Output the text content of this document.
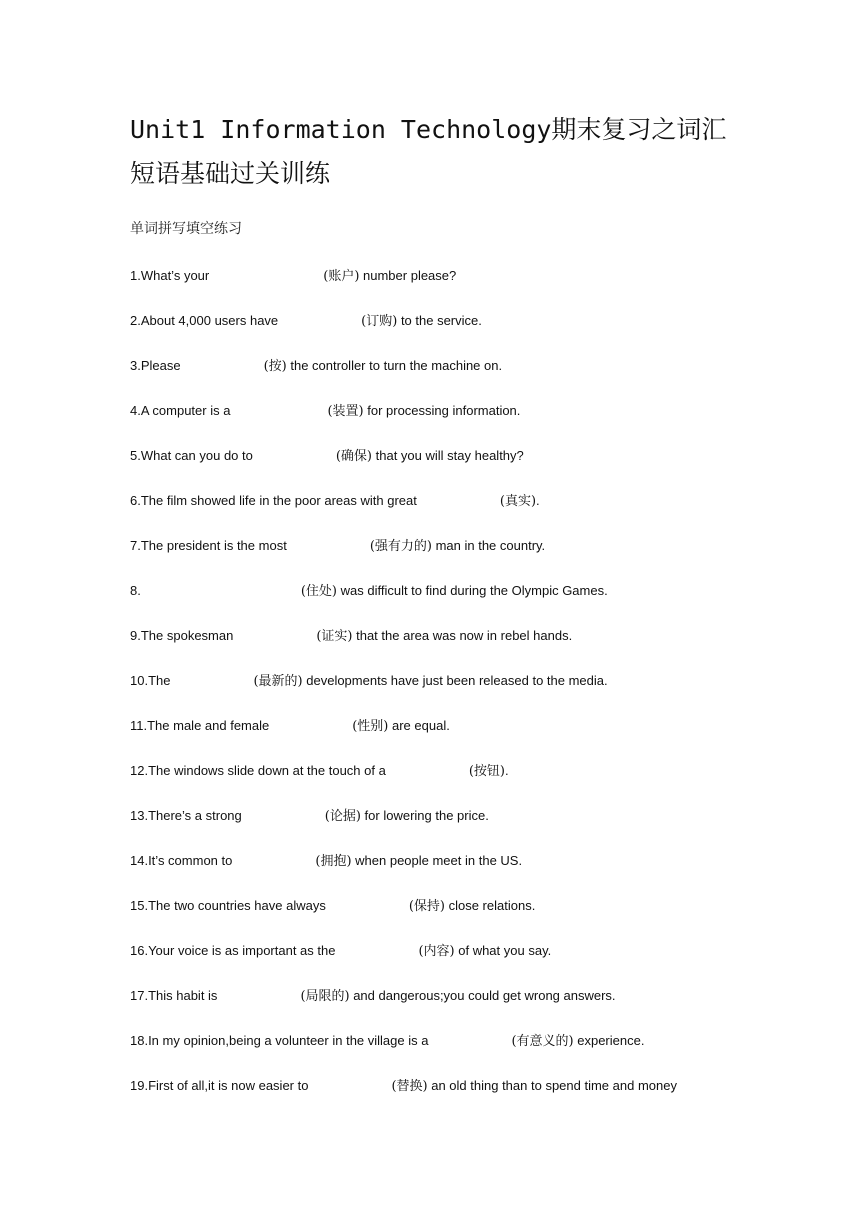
Unit1 Information Technology期末复习之词汇短语基础过关训练
单词拼写填空练习
1.What’s your	(账户) number please?
2.About 4,000 users have	(订购) to the service.
3.Please	(按) the controller to turn the machine on.
4.A computer is a	(装置) for processing information.
5.What can you do to	(确保) that you will stay healthy?
6.The film showed life in the poor areas with great	(真实).
7.The president is the most	(强有力的) man in the country.
8.	(住处) was difficult to find during the Olympic Games.
9.The spokesman	(证实) that the area was now in rebel hands.
10.The	(最新的) developments have just been released to the media.
11.The male and female	(性别) are equal.
12.The windows slide down at the touch of a	(按钮).
13.There’s a strong	(论据) for lowering the price.
14.It’s common to	(拥抱) when people meet in the US.
15.The two countries have always	(保持) close relations.
16.Your voice is as important as the	(内容) of what you say.
17.This habit is	(局限的) and dangerous;you could get wrong answers.
18.In my opinion,being a volunteer in the village is a	(有意义的) experience.
19.First of all,it is now easier to	(替换) an old thing than to spend time and money
